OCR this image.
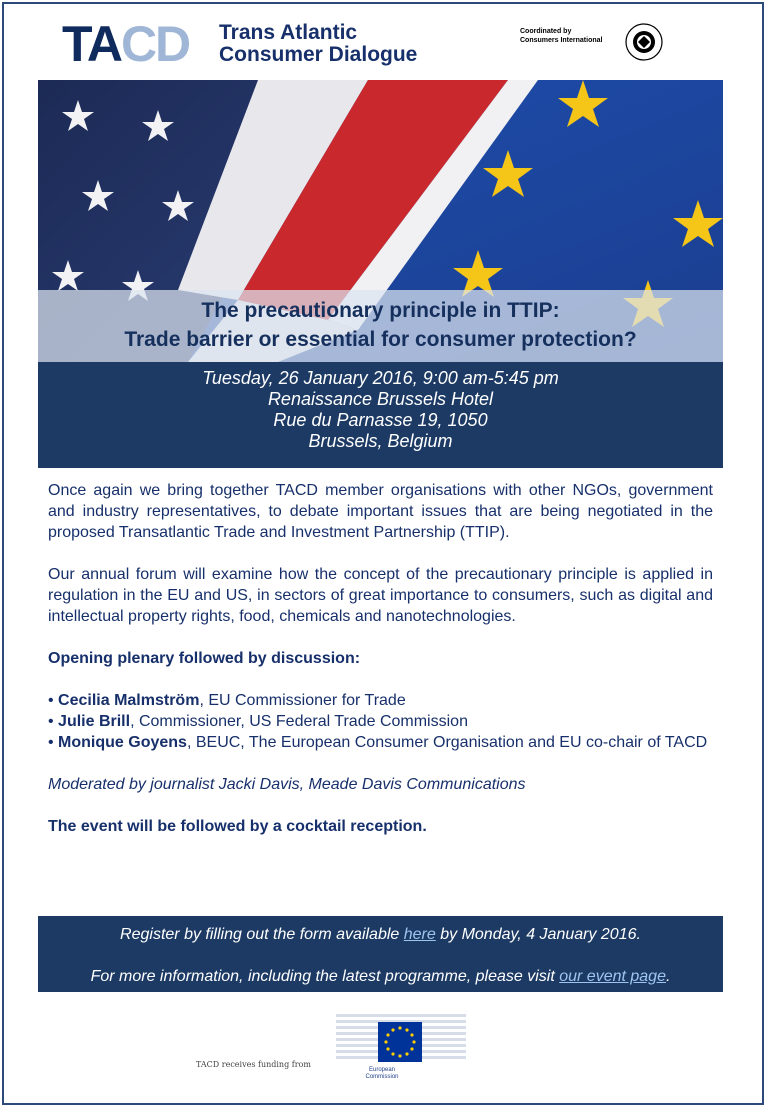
TACD Trans Atlantic
Consumer Dialogue
Coordinated by
Consumers International
The precautionary principle in TTIP:
Trade barrier or essential for consumer protection?
Tuesday, 26 January 2016, 9:00 am-5:45 pm
Renaissance Brussels Hotel
Rue du Parnasse 19, 1050
Brussels, Belgium

Once again we bring together TACD member organisations with other NGOs, government and industry representatives, to debate important issues that are being negotiated in the proposed Transatlantic Trade and Investment Partnership (TTIP).

Our annual forum will examine how the concept of the precautionary principle is applied in regulation in the EU and US, in sectors of great importance to consumers, such as digital and intellectual property rights, food, chemicals and nanotechnologies.

Opening plenary followed by discussion:

• Cecilia Malmström, EU Commissioner for Trade

• Julie Brill, Commissioner, US Federal Trade Commission

• Monique Goyens, BEUC, The European Consumer Organisation and EU co-chair of TACD

Moderated by journalist Jacki Davis, Meade Davis Communications

The event will be followed by a cocktail reception.

Register by filling out the form available here by Monday, 4 January 2016.
For more information, including the latest programme, please visit our event page.
TACD receives funding from
European
Commission
